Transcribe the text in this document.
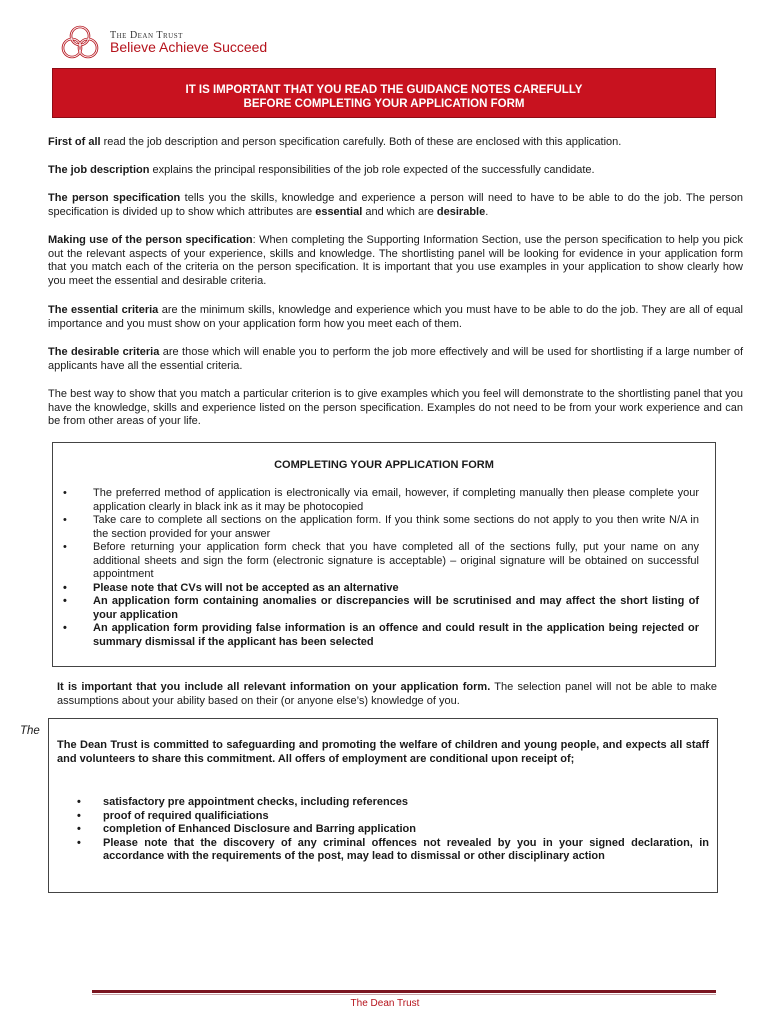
The Dean Trust
Believe Achieve Succeed
IT IS IMPORTANT THAT YOU READ THE GUIDANCE NOTES CAREFULLY
BEFORE COMPLETING YOUR APPLICATION FORM

First of all read the job description and person specification carefully. Both of these are enclosed with this application.

The job description explains the principal responsibilities of the job role expected of the successfully candidate.

The person specification tells you the skills, knowledge and experience a person will need to have to be able to do the job. The person specification is divided up to show which attributes are essential and which are desirable.

Making use of the person specification: When completing the Supporting Information Section, use the person specification to help you pick out the relevant aspects of your experience, skills and knowledge. The shortlisting panel will be looking for evidence in your application form that you match each of the criteria on the person specification. It is important that you use examples in your application to show clearly how you meet the essential and desirable criteria.

The essential criteria are the minimum skills, knowledge and experience which you must have to be able to do the job. They are all of equal importance and you must show on your application form how you meet each of them.

The desirable criteria are those which will enable you to perform the job more effectively and will be used for shortlisting if a large number of applicants have all the essential criteria.

The best way to show that you match a particular criterion is to give examples which you feel will demonstrate to the shortlisting panel that you have the knowledge, skills and experience listed on the person specification. Examples do not need to be from your work experience and can be from other areas of your life.

COMPLETING YOUR APPLICATION FORM
• The preferred method of application is electronically via email, however, if completing manually then please complete your application clearly in black ink as it may be photocopied
• Take care to complete all sections on the application form. If you think some sections do not apply to you then write N/A in the section provided for your answer
• Before returning your application form check that you have completed all of the sections fully, put your name on any additional sheets and sign the form (electronic signature is acceptable) – original signature will be obtained on successful appointment
• Please note that CVs will not be accepted as an alternative
• An application form containing anomalies or discrepancies will be scrutinised and may affect the short listing of your application
• An application form providing false information is an offence and could result in the application being rejected or summary dismissal if the applicant has been selected

It is important that you include all relevant information on your application form. The selection panel will not be able to make assumptions about your ability based on their (or anyone else’s) knowledge of you.

The Dean Trust is committed to safeguarding and promoting the welfare of children and young people, and expects all staff and volunteers to share this commitment. All offers of employment are conditional upon receipt of;
• satisfactory pre appointment checks, including references
• proof of required qualificiations
• completion of Enhanced Disclosure and Barring application
• Please note that the discovery of any criminal offences not revealed by you in your signed declaration, in accordance with the requirements of the post, may lead to dismissal or other disciplinary action
The
The Dean Trust
